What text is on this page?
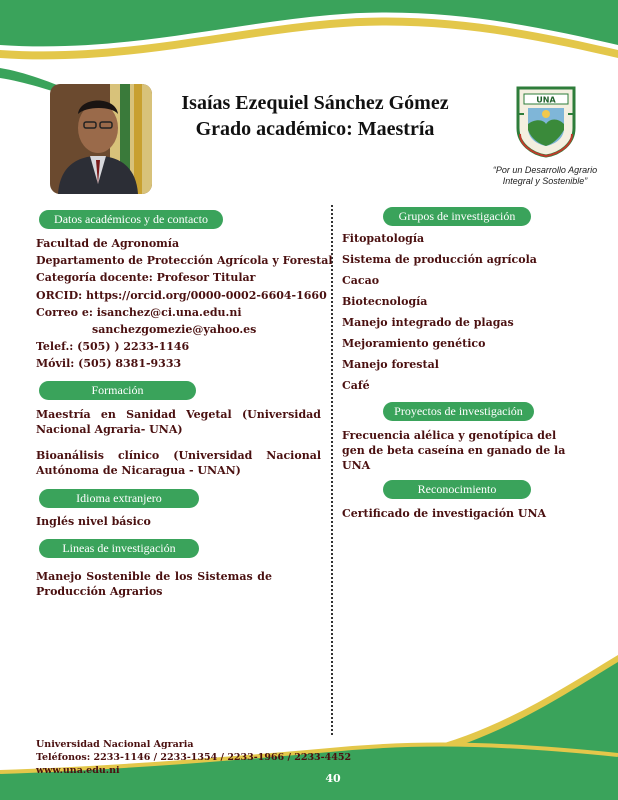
Isaías Ezequiel Sánchez Gómez
Grado académico: Maestría
UNA
“Por un Desarrollo Agrario
Integral y Sostenible”
Datos académicos y de contacto
Facultad de Agronomía
Departamento de Protección Agrícola y Forestal
Categoría docente: Profesor Titular
ORCID: https://orcid.org/0000-0002-6604-1660
Correo e: isanchez@ci.una.edu.ni
sanchezgomezie@yahoo.es
Telef.: (505) ) 2233-1146
Móvil: (505) 8381-9333
Formación
Maestría en Sanidad Vegetal (Universidad Nacional Agraria- UNA)
Bioanálisis clínico (Universidad Nacional Autónoma de Nicaragua - UNAN)
Idioma extranjero
Inglés nivel básico
Lineas de investigación
Manejo Sostenible de los Sistemas de Producción Agrarios
Grupos de investigación
Fitopatología
Sistema de producción agrícola
Cacao
Biotecnología
Manejo integrado de plagas
Mejoramiento genético
Manejo forestal
Café
Proyectos de investigación
Frecuencia alélica y genotípica del gen de beta caseína en ganado de la UNA
Reconocimiento
Certificado de investigación UNA
Universidad Nacional Agraria
Teléfonos: 2233-1146 / 2233-1354 / 2233-1966 / 2233-4452
www.una.edu.ni
40
